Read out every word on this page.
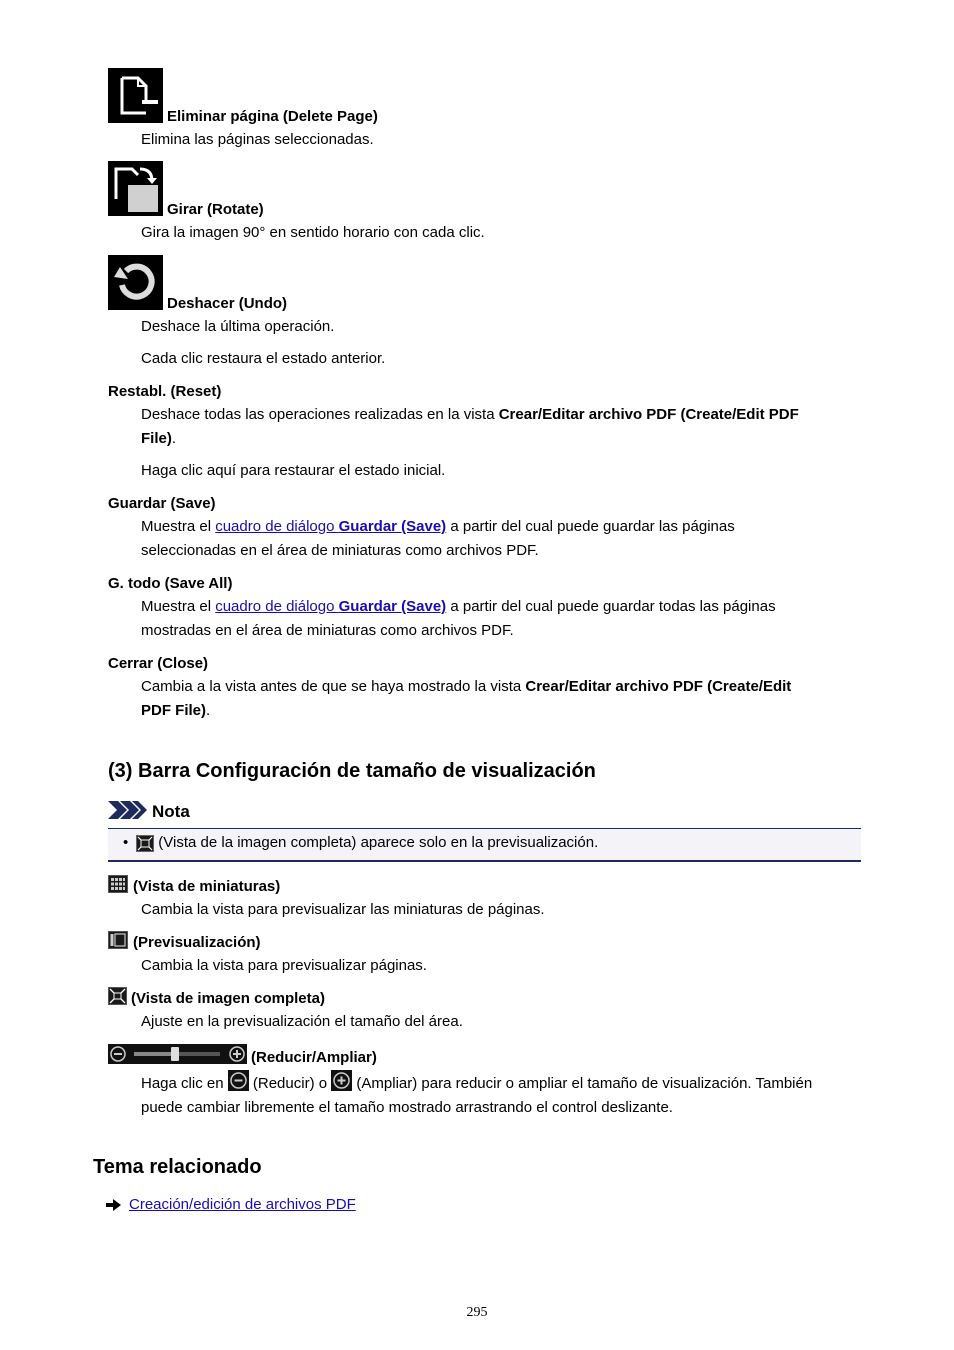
Eliminar página (Delete Page)
Elimina las páginas seleccionadas.
Girar (Rotate)
Gira la imagen 90° en sentido horario con cada clic.
Deshacer (Undo)
Deshace la última operación.
Cada clic restaura el estado anterior.
Restabl. (Reset)
Deshace todas las operaciones realizadas en la vista Crear/Editar archivo PDF (Create/Edit PDF
File).
Haga clic aquí para restaurar el estado inicial.
Guardar (Save)
Muestra el cuadro de diálogo Guardar (Save) a partir del cual puede guardar las páginas
seleccionadas en el área de miniaturas como archivos PDF.
G. todo (Save All)
Muestra el cuadro de diálogo Guardar (Save) a partir del cual puede guardar todas las páginas
mostradas en el área de miniaturas como archivos PDF.
Cerrar (Close)
Cambia a la vista antes de que se haya mostrado la vista Crear/Editar archivo PDF (Create/Edit
PDF File).
(3) Barra Configuración de tamaño de visualización
Nota
• (Vista de la imagen completa) aparece solo en la previsualización.
(Vista de miniaturas)
Cambia la vista para previsualizar las miniaturas de páginas.
(Previsualización)
Cambia la vista para previsualizar páginas.
(Vista de imagen completa)
Ajuste en la previsualización el tamaño del área.
(Reducir/Ampliar)
Haga clic en (Reducir) o (Ampliar) para reducir o ampliar el tamaño de visualización. También
puede cambiar libremente el tamaño mostrado arrastrando el control deslizante.
Tema relacionado
Creación/edición de archivos PDF
295
